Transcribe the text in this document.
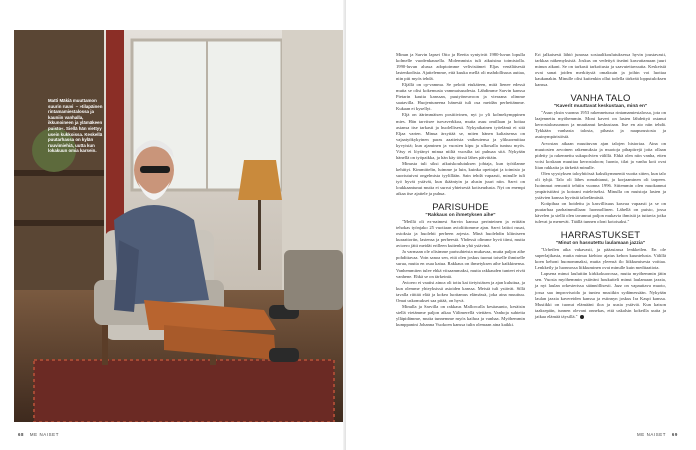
Matti Mäkiä muuttamon suurin ruuvi  – »tilapäinen rintamamiestalossa ja kauniin vanhalla, ikkunoineen ja ylämäkeen puisto«. Siellä hän viettyy usein kukkoissa. Keskellä puutarhassa on kylän ruuvimiehiä, uutta kun lokakuun omia karsein.
68 ME NAISET

Minun ja Sarvin lapset Otto ja Reetta syntyivät 1980-luvun lopulla kolmelle vuodenkausella. Molemmista tuli aikuisina toimistolla. 1990-luvun alussa adoptoimme velivistämei Eljas venäläisestä lastenkodista. Ajattelemme, että kuuka mellä oli mahdollisuus auttaa, niin piti myös tehdä.

Eljällä on cp-vamma. Se pelotti etukäteen, mitä lienee edessä mutta se olisi kokemusta vammaisuudesta. Lähdimme Sarvin kanssa Pietarin kautta kanssan, puutyöneuvoon ja vieraana olimme saatavilla. Huojentuneena hänestä tuli osa meidän perhettämme. Kukaan ei kysellyt.

Eljä on äärimmäisen positiivinen, nyt jo yli kolmekymppinen mies. Hän tarvitsee turvaverkkoa, mutta asuu omillaan ja hoitaa asiansa itse tarkasti ja huolellisesti. Nykyaikainen työelämä ei sitä Eljaa varten. Minua ärsyttää se, miten hänen kaltaisensa on vajaatyökykyinen paras aaatteista vaikeutensa ja ylikuormittaa kyvyistä; kun ajaminen ja vuosien kipu ja ulkosalla tuntuu myös. Väsy ei löytänyt minua niiltä vuosilta tai puhuaa sitä. Nykyään hänellä on työpaikka, ja hän käy töissä lähes päivittäin.

Minusta tuli siksi aikuiskoulutuksen johtaja, kun työtilanne kehittyi. Kimmittelin, luimme ja luin, kuinka opettajat ja toimisto ja suoriutuivat ongelmista tyylillään. Sain tehdä vapaasti, minulle tuli työ hyvät ystävät, kun ikääntyin ja alusin juuri niin. Sarvi on loukkaantunut mutta ei surrut yhteisestä kotiseudusta. Nyt on enempi aikaa itse ajattele ja puhua.

PARISUHDE

"Rakkaus on ihmetyksen aihe"

"Meillä oli ex-naimesi Sarvin kanssa perinteinen ja erittäin tehokas työnjako 25 vuotiaan avioliittomme ajan. Sarvi laittoi ruuat, ostoksia ja huolehti perheen arjesta. Minä huolehdin kliiniseen kuraattoriin, lastensa ja perheestä. Yhdessä olimme hyvä tiimi, mutta avioero jätti meidät erilleen kuitenkin yhä ystävinä.

Ja varmaan ole olisimme parisuhteista mukavaa, mutta paljon aihe pohdittavaa. Voin sanoa sen, että olen joskus tuonut toiselle ihmiselle surua, mutta en osaa katua. Rakkaus on ihmetyksen aihe kaikkinensa. Vanhemmiten tulee ehkä viisaammaksi, mutta rakkauden tunteet eivät vanhene. Ehkä se on tärkeintä.

Avioero ei vaatisi ainoa oli tottu kai tietyistäsen ja ajan kuluttua, ja kun olemme yhteyksissä asioiden kanssa. Meistä tuli ystävät. Sillä tavalla riittää elää ja kokea luottamus elämässä, joka aina muuttuu. Omat uskomukset saa pitää, on hyvä.

Minulla ja Sarvilla on rakkaus Mallorcalla kesäasunto, kesäisin siellä vietämme paljon aikaa Välimerellä viettäen. Vanhoja suhteita ylläpidämme, mutta tunnemme myös kaihoa ja vanhaa. Myöhemmin kumppanini Johanna Vuokoen kanssa tulin olemaan aina kaikki.

Eri jalkaisesti lähtö junassa sosiaalikoulutuksessa hyvin joustavasti, tarkkaa näkemyksistä. Joskus on vedettyä itseäni kasvattamaan juuri minun aikani. Se on tarkasti tarkoitusta ja saavutettavuutta. Keskeistä ovat sanat joiden merkitystä omaksuin ja joihin voi luottaa kaukanakin. Minulle olisi kuitenkin ollut todella tärkeää lopputuloksen kanssa.

VANHA TALO

"Kaverit muuttavat keskustaan, minä en"

"Asun yksin vuonna 1953 rakennetussa rintamamiestalossa, jota on laajennettu myöhemmin. Moni kaveri on lasten lähdettyä ostanut kerrostaloasunnon ja muuttanut keskustaan. Itse en aio niin tehdä. Tykkään vanhasta talosta, pihasta ja naapurustosta ja asuinympäristöstä.

Arvostan aikaan muuttuvan ajan talojen historiaa. Aina on muutosten arvoinen rakennuksia ja muotoja pihapiirejä joita ollaan pidetty ja rakennettu sukupolvien välillä. Ehkä olen niin vanha, etten voisi koskaan muuttaa kerrostaloon; luonto, tilat ja vanha koti ovat liian rakkaita ja tärkeitä minulle.

Olen syystyksen taloyhtiössä kaksikymmentä vuotta sitten, kun talo oli tyhjä. Talo oli lähes romahtanut, ja korjaaminen oli tarpeen. Isoimmat remontit tehtiin vuonna 1996. Sittemmin olen muokannut ympäristöäni ja kotoani mieleiseksi. Minulla on muistoja lasten ja ystävien kanssa hyvästä taloelämästä.

Kotipihaa on hoidettu ja kasvillisuus kasvaa vapaasti ja se on puutarhaa parhaimmillaan: luonnollinen. Lähellä on puisto, jossa kävelen ja siellä olen tavannut paljon mukavia ihmisiä ja tuttavia jotka tulevat ja menevät. Täällä tunnen oloni kotoisaksi."

HARRASTUKSET

"Minut on hassutettu laulamaan jazzia"

"Urheilen aika vakavasti, ja pääasiassa lenkkeilen. En ole superlajikasta, mutta minua kiehtoo ajatus kehon kuuntelusta. Välillä koen kehoni huonommaksi, mutta yleensä ilo liikkumisesta voittaa. Lenkkeily ja luonnossa liikkuminen ovat minulle kuin meditaatiota.

Lapsena minut lauluttiin kirkkokuorossa, mutta myöhemmin jätin sen. Vuosia myöhemmin ystäväni houkutteli minut laulamaan jazzia, ja nyt laulan orkesterissa säännöllisesti. Jazz on vapauttava muoto, jossa saa improvisoida ja tuntea musiikin sydämessään. Nykyään laulan jazzia kavereiden kanssa ja esiinnyn joskus Ira Kaspi kanssa. Musiikki on tuonut elämääni iloa ja uusia ystäviä. Kun katson taaksepäin, tunnen olevani onnekas, että uskalsin kokeilla uutta ja jatkaa elämää täysillä."

ME NAISET 69
